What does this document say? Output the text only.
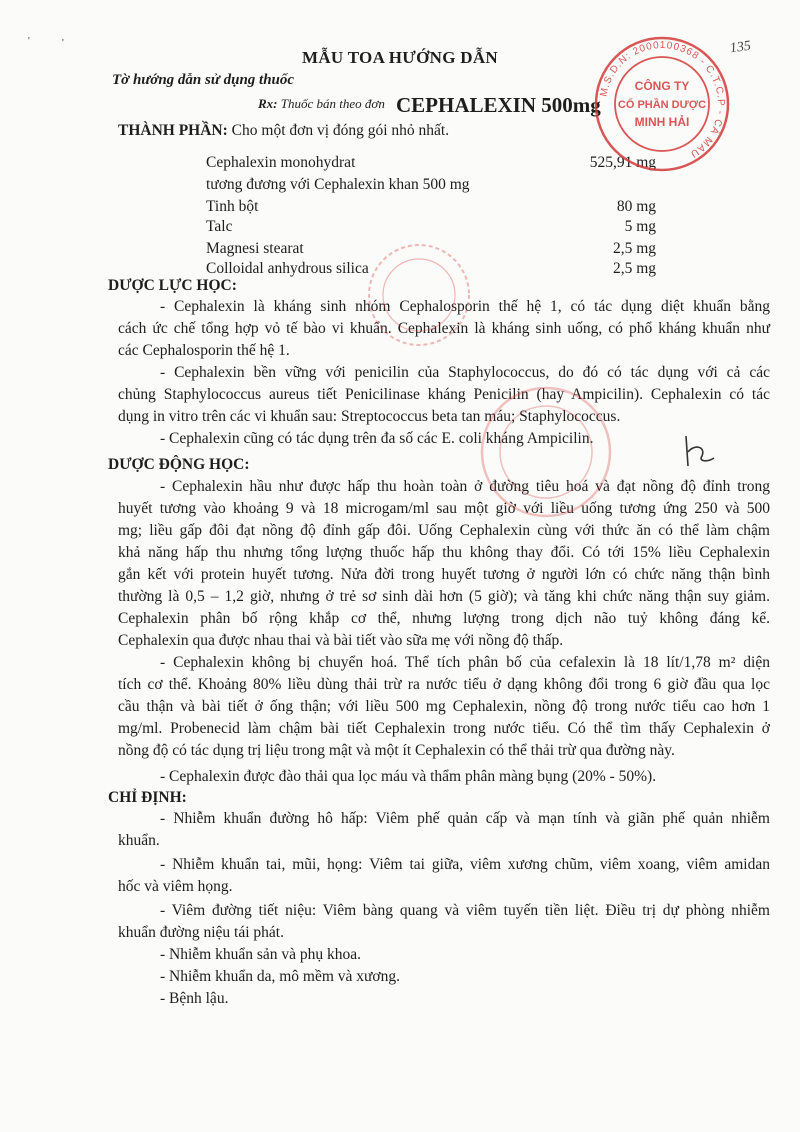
'	'
MẪU TOA HƯỚNG DẪN
Tờ hướng dẫn sử dụng thuốc
Rx: Thuốc bán theo đơn CEPHALEXIN 500mg
135
THÀNH PHẦN: Cho một đơn vị đóng gói nhỏ nhất.
Cephalexin monohydrat	525,91 mg
tương đương với Cephalexin khan 500 mg
Tinh bột	80 mg
Talc	5 mg
Magnesi stearat	2,5 mg
Colloidal anhydrous silica	2,5 mg
DƯỢC LỰC HỌC:
- Cephalexin là kháng sinh nhóm Cephalosporin thế hệ 1, có tác dụng diệt khuẩn bằng
cách ức chế tổng hợp vỏ tế bào vi khuẩn. Cephalexin là kháng sinh uống, có phổ kháng khuẩn như
các Cephalosporin thế hệ 1.
- Cephalexin bền vững với penicilin của Staphylococcus, do đó có tác dụng với cả các
chủng Staphylococcus aureus tiết Penicilinase kháng Penicilin (hay Ampicilin). Cephalexin có tác
dụng in vitro trên các vi khuẩn sau: Streptococcus beta tan máu; Staphylococcus.
- Cephalexin cũng có tác dụng trên đa số các E. coli kháng Ampicilin.
DƯỢC ĐỘNG HỌC:
- Cephalexin hầu như được hấp thu hoàn toàn ở đường tiêu hoá và đạt nồng độ đỉnh trong
huyết tương vào khoảng 9 và 18 microgam/ml sau một giờ với liều uống tương ứng 250 và 500
mg; liều gấp đôi đạt nồng độ đỉnh gấp đôi. Uống Cephalexin cùng với thức ăn có thể làm chậm
khả năng hấp thu nhưng tổng lượng thuốc hấp thu không thay đổi. Có tới 15% liều Cephalexin
gắn kết với protein huyết tương. Nửa đời trong huyết tương ở người lớn có chức năng thận bình
thường là 0,5 – 1,2 giờ, nhưng ở trẻ sơ sinh dài hơn (5 giờ); và tăng khi chức năng thận suy giảm.
Cephalexin phân bố rộng khắp cơ thể, nhưng lượng trong dịch não tuỷ không đáng kể.
Cephalexin qua được nhau thai và bài tiết vào sữa mẹ với nồng độ thấp.
- Cephalexin không bị chuyển hoá. Thể tích phân bố của cefalexin là 18 lít/1,78 m² diện
tích cơ thể. Khoảng 80% liều dùng thải trừ ra nước tiểu ở dạng không đổi trong 6 giờ đầu qua lọc
cầu thận và bài tiết ở ống thận; với liều 500 mg Cephalexin, nồng độ trong nước tiểu cao hơn 1
mg/ml. Probenecid làm chậm bài tiết Cephalexin trong nước tiểu. Có thể tìm thấy Cephalexin ở
nồng độ có tác dụng trị liệu trong mật và một ít Cephalexin có thể thải trừ qua đường này.
- Cephalexin được đào thải qua lọc máu và thẩm phân màng bụng (20% - 50%).
CHỈ ĐỊNH:
- Nhiễm khuẩn đường hô hấp: Viêm phế quản cấp và mạn tính và giãn phế quản nhiễm
khuẩn.
- Nhiễm khuẩn tai, mũi, họng: Viêm tai giữa, viêm xương chũm, viêm xoang, viêm amidan
hốc và viêm họng.
- Viêm đường tiết niệu: Viêm bàng quang và viêm tuyến tiền liệt. Điều trị dự phòng nhiễm
khuẩn đường niệu tái phát.
- Nhiễm khuẩn sản và phụ khoa.
- Nhiễm khuẩn da, mô mềm và xương.
- Bệnh lậu.
M.S.D.N: 2000100368 - C.T.C.P - CÀ MAU
CÔNG TY
CỔ PHẦN DƯỢC
MINH HẢI
